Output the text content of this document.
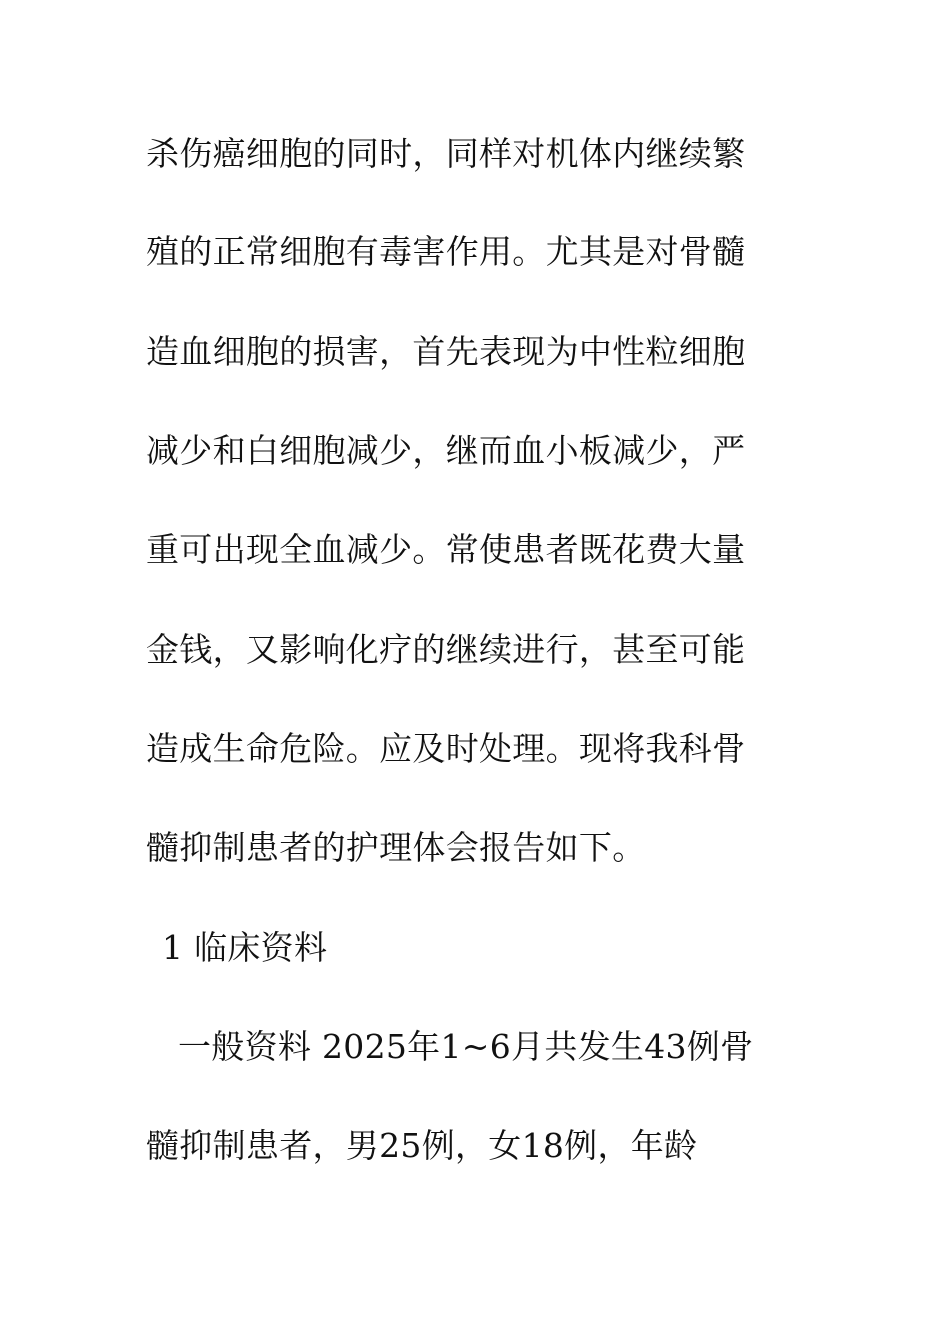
杀伤癌细胞的同时，同样对机体内继续繁
殖的正常细胞有毒害作用。尤其是对骨髓
造血细胞的损害，首先表现为中性粒细胞
减少和白细胞减少，继而血小板减少，严
重可出现全血减少。常使患者既花费大量
金钱，又影响化疗的继续进行，甚至可能
造成生命危险。应及时处理。现将我科骨
髓抑制患者的护理体会报告如下。
1 临床资料
一般资料 2025年1~6月共发生43例骨
髓抑制患者，男25例，女18例，年龄
